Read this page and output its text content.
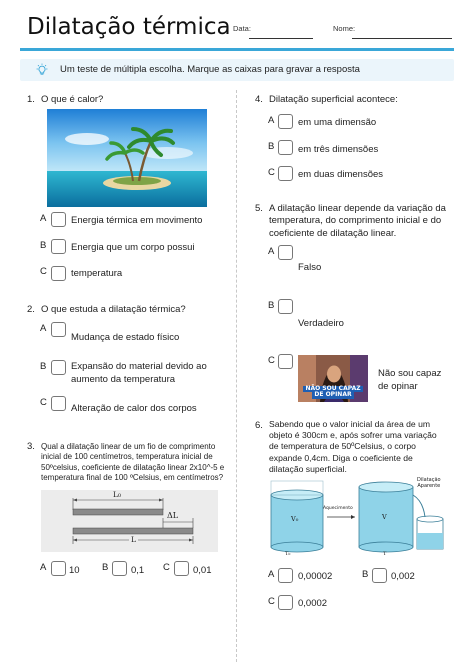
Dilatação térmica Data:	Nome:
Um teste de múltipla escolha. Marque as caixas para gravar a resposta
1. O que é calor?
A	Energia térmica em movimento
B	Energia que um corpo possui
C	temperatura
2. O que estuda a dilatação térmica?
A
Mudança de estado físico
B	Expansão do material devido ao
aumento da temperatura
C
Alteração de calor dos corpos
3. Qual a dilatação linear de um fio de comprimento
inicial de 100 centímetros, temperatura inicial de
50ºcelsius, coeficiente de dilatação linear 2x10^-5 e
temperatura final de 100 ºCelsius, em centímetros?
L₀
ΔL
L
A 10 B 0,1 C 0,01
4. Dilatação superficial acontece:
A em uma dimensão
B em três dimensões
C em duas dimensões
5. A dilatação linear depende da variação da
temperatura, do comprimento inicial e do
coeficiente de dilatação linear.
A
Falso
B
Verdadeiro
C
NÃO SOU CAPAZ
DE OPINAR
Não sou capaz
de opinar
6. Sabendo que o valor inicial da área de um
objeto é 300cm e, após sofrer uma variação
de temperatura de 50ºCelsius, o corpo
expande 0,4cm. Diga o coeficiente de
dilatação superficial.
V₀
Aquecimento
V
Dilatação
Aparente
T₀	T
A 0,00002	B 0,002
C 0,0002
